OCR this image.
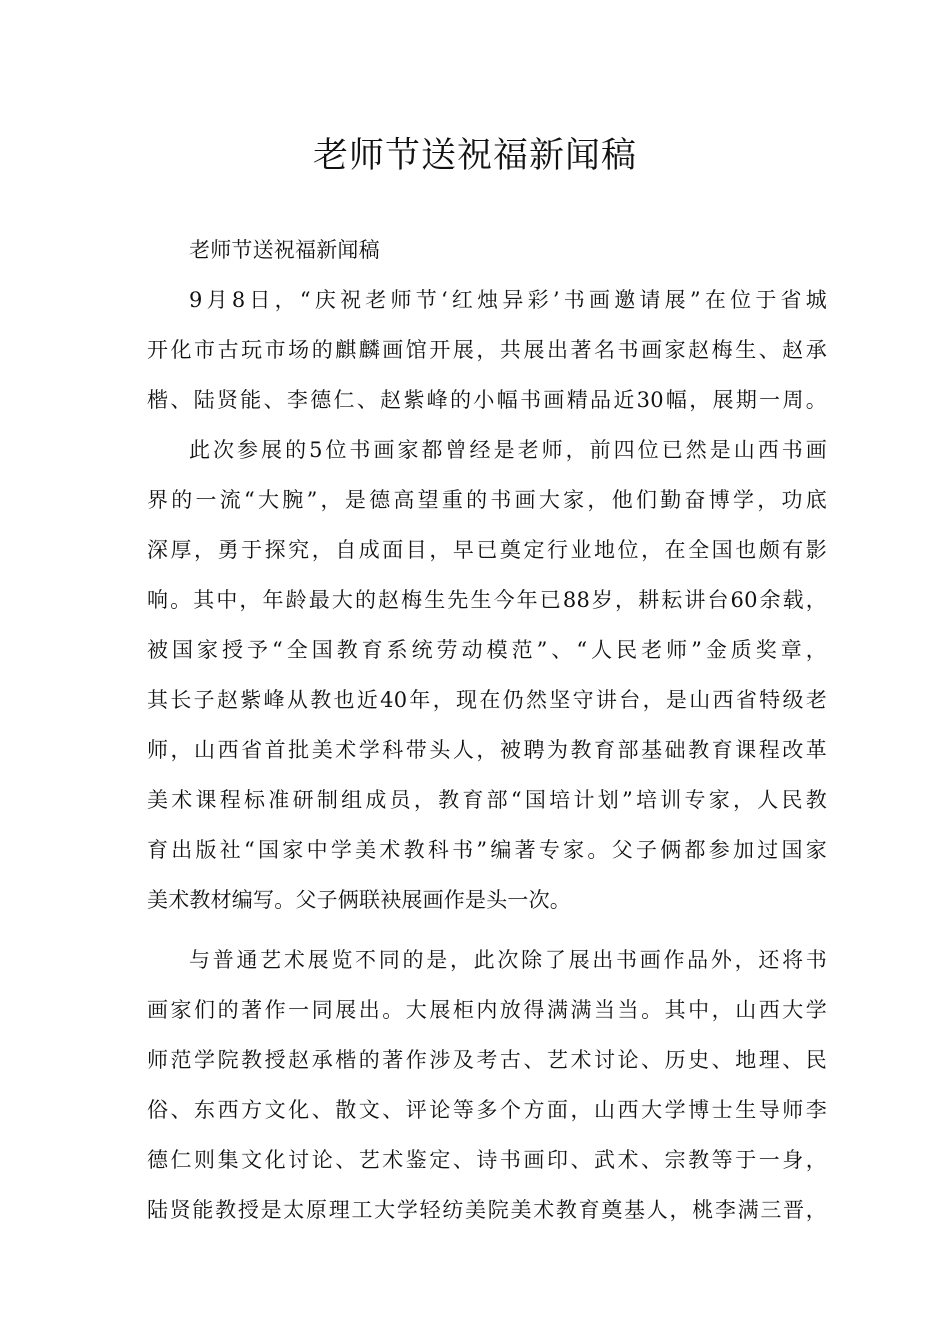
老师节送祝福新闻稿
老师节送祝福新闻稿
9月8日，“庆祝老师节‘红烛异彩’书画邀请展”在位于省城
开化市古玩市场的麒麟画馆开展，共展出著名书画家赵梅生、赵承
楷、陆贤能、李德仁、赵紫峰的小幅书画精品近30幅，展期一周。
此次参展的5位书画家都曾经是老师，前四位已然是山西书画
界的一流“大腕”，是德高望重的书画大家，他们勤奋博学，功底
深厚，勇于探究，自成面目，早已奠定行业地位，在全国也颇有影
响。其中，年龄最大的赵梅生先生今年已88岁，耕耘讲台60余载，
被国家授予“全国教育系统劳动模范”、“人民老师”金质奖章，
其长子赵紫峰从教也近40年，现在仍然坚守讲台，是山西省特级老
师，山西省首批美术学科带头人，被聘为教育部基础教育课程改革
美术课程标准研制组成员，教育部“国培计划”培训专家，人民教
育出版社“国家中学美术教科书”编著专家。父子俩都参加过国家
美术教材编写。父子俩联袂展画作是头一次。
与普通艺术展览不同的是，此次除了展出书画作品外，还将书
画家们的著作一同展出。大展柜内放得满满当当。其中，山西大学
师范学院教授赵承楷的著作涉及考古、艺术讨论、历史、地理、民
俗、东西方文化、散文、评论等多个方面，山西大学博士生导师李
德仁则集文化讨论、艺术鉴定、诗书画印、武术、宗教等于一身，
陆贤能教授是太原理工大学轻纺美院美术教育奠基人，桃李满三晋，
